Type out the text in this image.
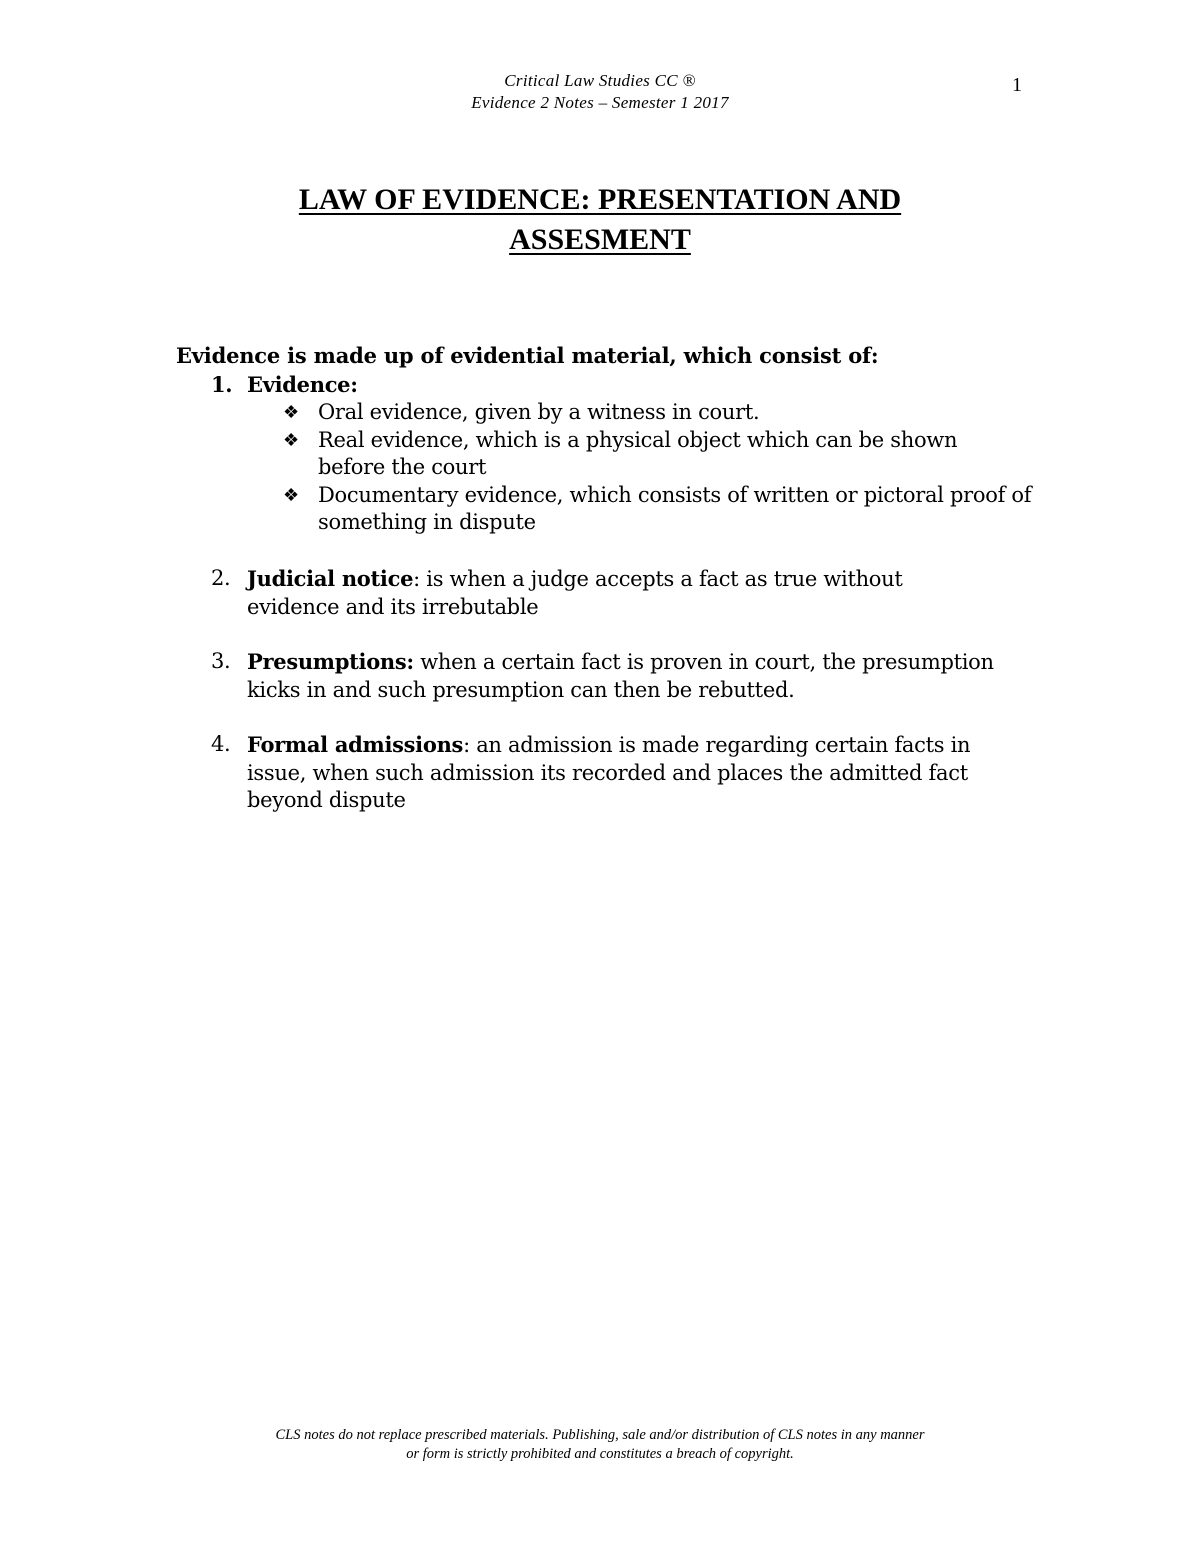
Critical Law Studies CC ®
Evidence 2 Notes – Semester 1 2017
1
LAW OF EVIDENCE: PRESENTATION AND
ASSESMENT
Evidence is made up of evidential material, which consist of:
1. Evidence:
❖ Oral evidence, given by a witness in court.
❖ Real evidence, which is a physical object which can be shown before the court
❖ Documentary evidence, which consists of written or pictoral proof of something in dispute
2. Judicial notice: is when a judge accepts a fact as true without evidence and its irrebutable
3. Presumptions: when a certain fact is proven in court, the presumption kicks in and such presumption can then be rebutted.
4. Formal admissions: an admission is made regarding certain facts in issue, when such admission its recorded and places the admitted fact beyond dispute
CLS notes do not replace prescribed materials. Publishing, sale and/or distribution of CLS notes in any manner
or form is strictly prohibited and constitutes a breach of copyright.
